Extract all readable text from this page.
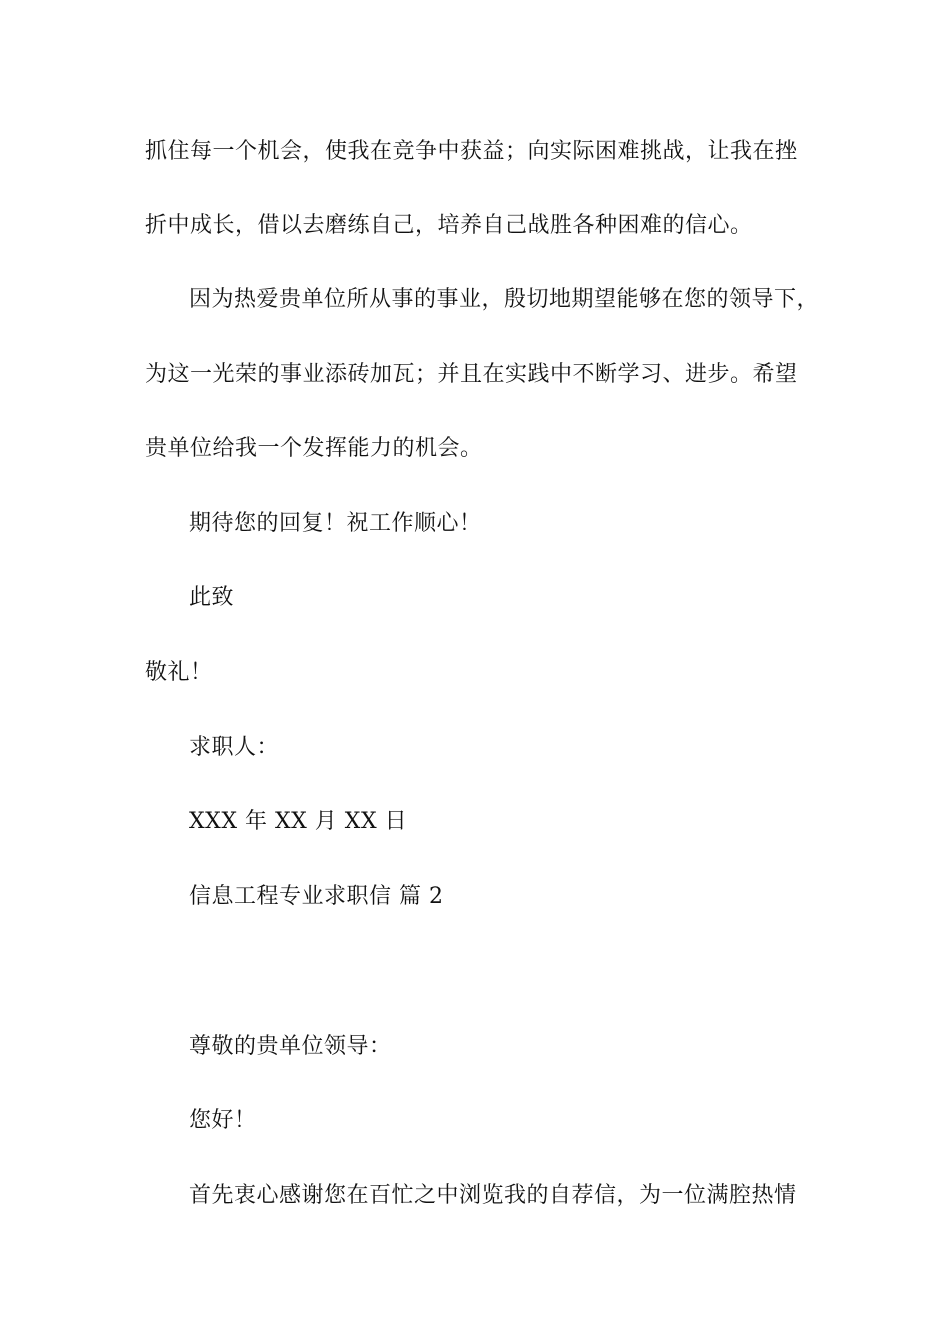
抓住每一个机会，使我在竞争中获益；向实际困难挑战，让我在挫
折中成长，借以去磨练自己，培养自己战胜各种困难的信心。
因为热爱贵单位所从事的事业，殷切地期望能够在您的领导下，
为这一光荣的事业添砖加瓦；并且在实践中不断学习、进步。希望
贵单位给我一个发挥能力的机会。
期待您的回复！祝工作顺心！
此致
敬礼！
求职人：
XXX 年 XX 月 XX 日
信息工程专业求职信 篇 2
尊敬的贵单位领导：
您好！
首先衷心感谢您在百忙之中浏览我的自荐信，为一位满腔热情
